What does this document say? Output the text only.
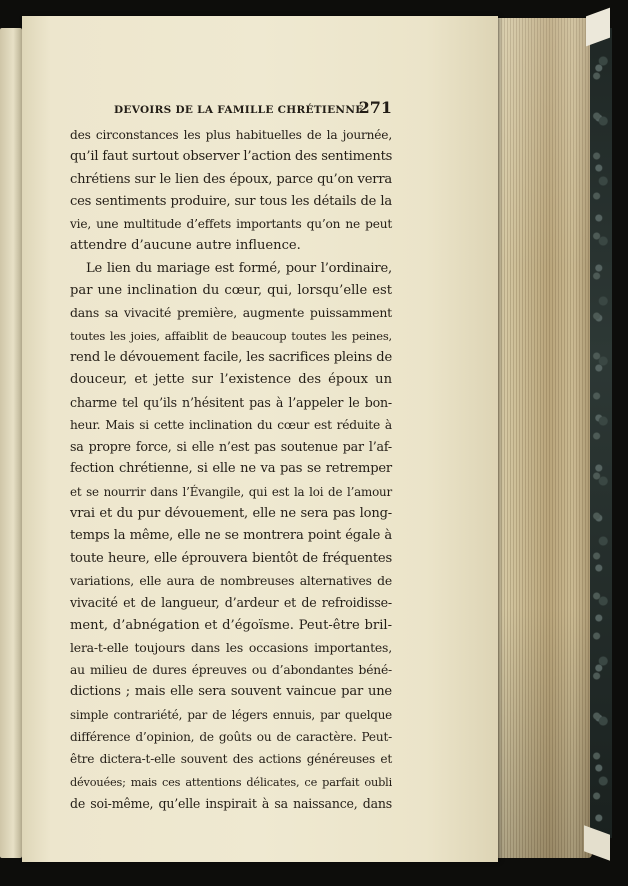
DEVOIRS DE LA FAMILLE CHRÉTIENNE.
271
des circonstances les plus habituelles de la journée,
qu’il faut surtout observer l’action des sentiments
chrétiens sur le lien des époux, parce qu’on verra
ces sentiments produire, sur tous les détails de la
vie, une multitude d’effets importants qu’on ne peut
attendre d’aucune autre influence.
Le lien du mariage est formé, pour l’ordinaire,
par une inclination du cœur, qui, lorsqu’elle est
dans sa vivacité première, augmente puissamment
toutes les joies, affaiblit de beaucoup toutes les peines,
rend le dévouement facile, les sacrifices pleins de
douceur, et jette sur l’existence des époux un
charme tel qu’ils n’hésitent pas à l’appeler le bon-
heur. Mais si cette inclination du cœur est réduite à
sa propre force, si elle n’est pas soutenue par l’af-
fection chrétienne, si elle ne va pas se retremper
et se nourrir dans l’Évangile, qui est la loi de l’amour
vrai et du pur dévouement, elle ne sera pas long-
temps la même, elle ne se montrera point égale à
toute heure, elle éprouvera bientôt de fréquentes
variations, elle aura de nombreuses alternatives de
vivacité et de langueur, d’ardeur et de refroidisse-
ment, d’abnégation et d’égoïsme. Peut-être bril-
lera-t-elle toujours dans les occasions importantes,
au milieu de dures épreuves ou d’abondantes béné-
dictions ; mais elle sera souvent vaincue par une
simple contrariété, par de légers ennuis, par quelque
différence d’opinion, de goûts ou de caractère. Peut-
être dictera-t-elle souvent des actions généreuses et
dévouées; mais ces attentions délicates, ce parfait oubli
de soi-même, qu’elle inspirait à sa naissance, dans
